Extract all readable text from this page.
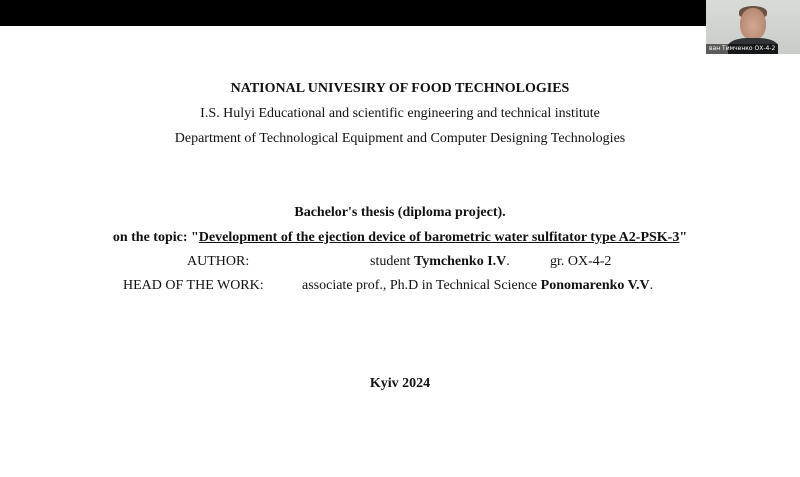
ван Тимченко ОХ-4-2
NATIONAL UNIVESIRY OF FOOD TECHNOLOGIES
I.S. Hulyi Educational and scientific engineering and technical institute
Department of Technological Equipment and Computer Designing Technologies
Bachelor's thesis (diploma project).
on the topic: "Development of the ejection device of barometric water sulfitator type A2-PSK-3"
AUTHOR:	student Tymchenko I.V.	gr. OX-4-2
HEAD OF THE WORK:	associate prof., Ph.D in Technical Science Ponomarenko V.V.
Kyiv 2024
